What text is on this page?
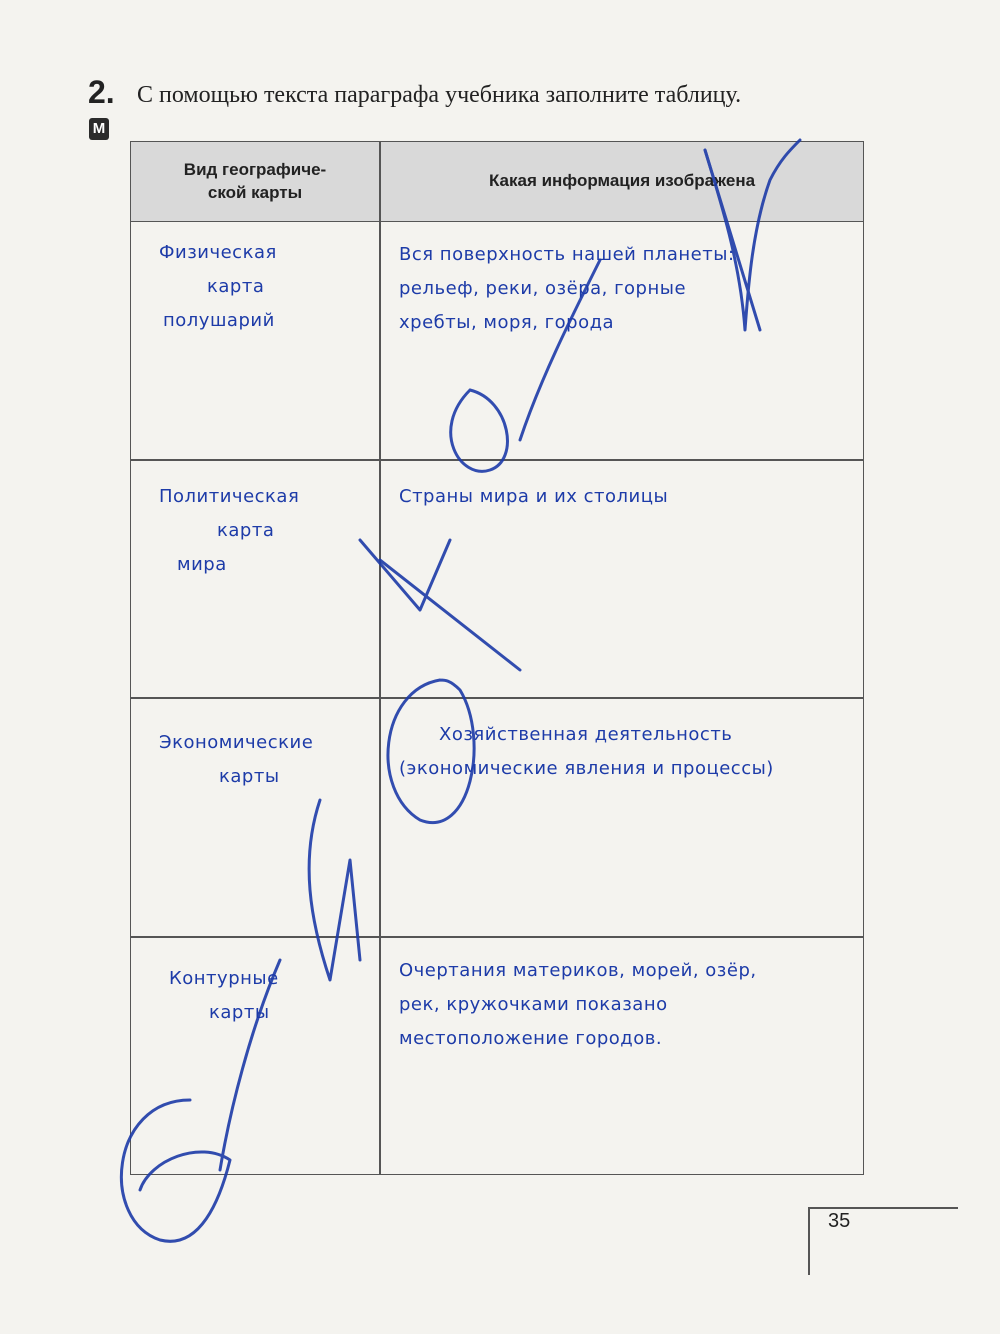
2. С помощью текста параграфа учебника заполните таблицу.
М
Вид географиче-
ской карты
Какая информация изображена
Физическая
карта
полушарий
Вся поверхность нашей планеты:
рельеф, реки, озёра, горные
хребты, моря, города
Политическая
карта
мира
Страны мира и их столицы
Экономические
карты
Хозяйственная деятельность
(экономические явления и процессы)
Контурные
карты
Очертания материков, морей, озёр,
рек, кружочками показано
местоположение городов.
35
